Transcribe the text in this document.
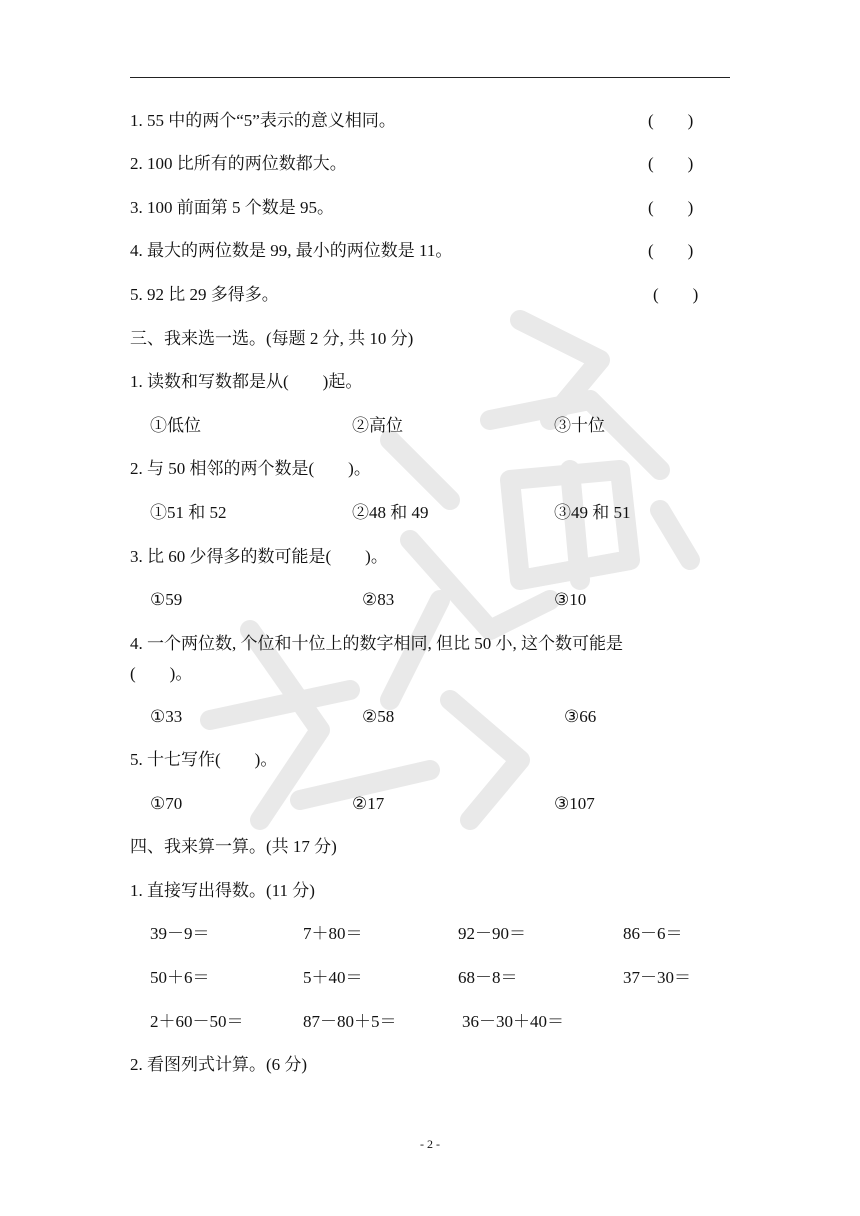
1. 55 中的两个“5”表示的意义相同。	(　　)
2. 100 比所有的两位数都大。	(　　)
3. 100 前面第 5 个数是 95。	(　　)
4. 最大的两位数是 99, 最小的两位数是 11。	(　　)
5. 92 比 29 多得多。	(　　)
三、我来选一选。(每题 2 分, 共 10 分)
1. 读数和写数都是从(　　)起。
①低位	②高位	③十位
2. 与 50 相邻的两个数是(　　)。
①51 和 52	②48 和 49	③49 和 51
3. 比 60 少得多的数可能是(　　)。
①59	②83	③10
4. 一个两位数, 个位和十位上的数字相同, 但比 50 小, 这个数可能是
(　　)。
①33	②58	③66
5. 十七写作(　　)。
①70	②17	③107
四、我来算一算。(共 17 分)
1. 直接写出得数。(11 分)
39－9＝	7＋80＝	92－90＝	86－6＝
50＋6＝	5＋40＝	68－8＝	37－30＝
2＋60－50＝	87－80＋5＝	36－30＋40＝
2. 看图列式计算。(6 分)
- 2 -
